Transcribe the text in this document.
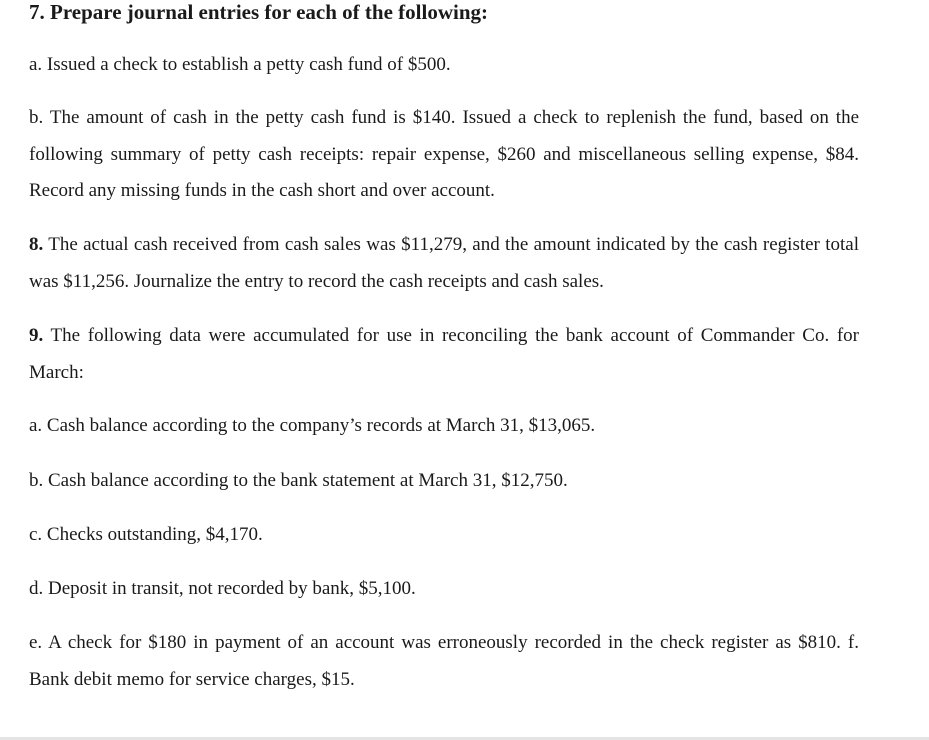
7. Prepare journal entries for each of the following:
a. Issued a check to establish a petty cash fund of $500.
b. The amount of cash in the petty cash fund is $140. Issued a check to replenish the fund, based on the following summary of petty cash receipts: repair expense, $260 and miscellaneous selling expense, $84. Record any missing funds in the cash short and over account.
8. The actual cash received from cash sales was $11,279, and the amount indicated by the cash register total was $11,256. Journalize the entry to record the cash receipts and cash sales.
9. The following data were accumulated for use in reconciling the bank account of Commander Co. for March:
a. Cash balance according to the company’s records at March 31, $13,065.
b. Cash balance according to the bank statement at March 31, $12,750.
c. Checks outstanding, $4,170.
d. Deposit in transit, not recorded by bank, $5,100.
e. A check for $180 in payment of an account was erroneously recorded in the check register as $810. f. Bank debit memo for service charges, $15.
